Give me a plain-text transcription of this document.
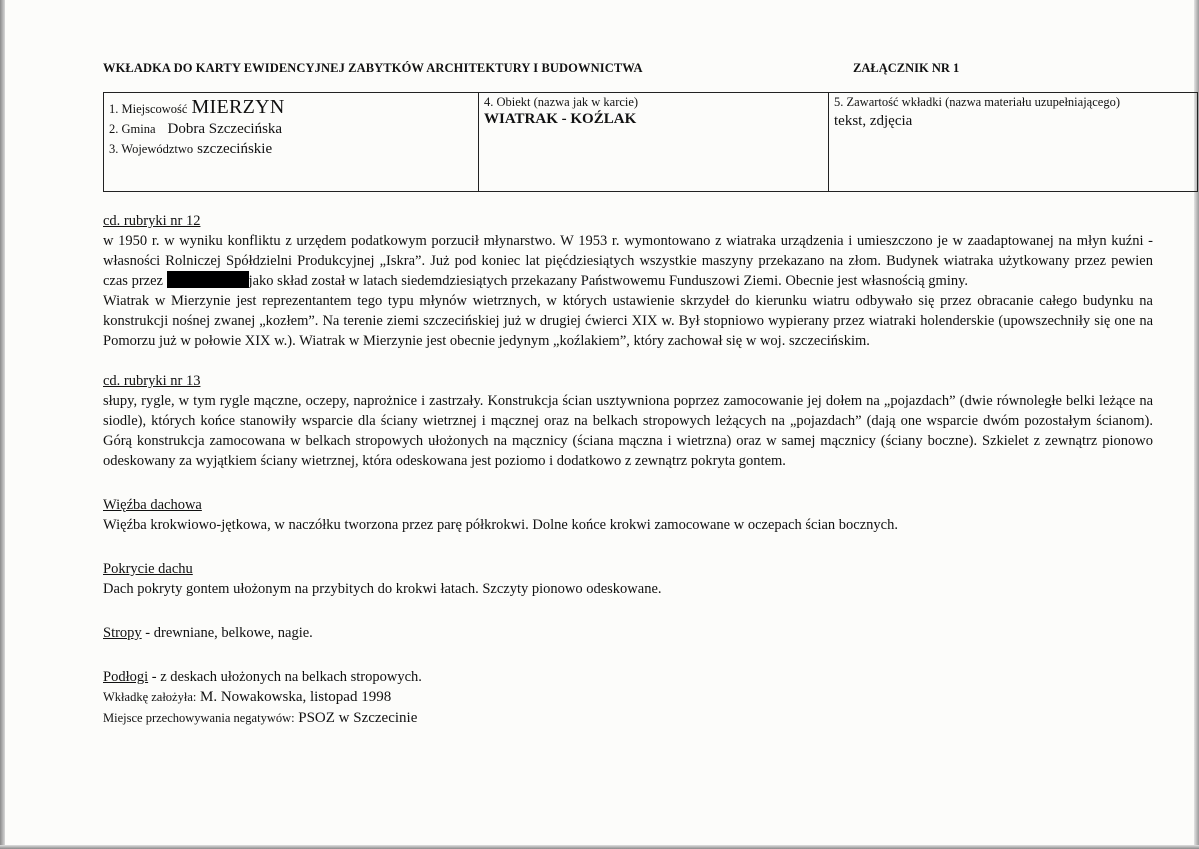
WKŁADKA DO KARTY EWIDENCYJNEJ ZABYTKÓW ARCHITEKTURY I BUDOWNICTWA	ZAŁĄCZNIK NR 1
1. Miejscowość MIERZYN
2. Gmina Dobra Szczecińska
3. Województwo szczecińskie
4. Obiekt (nazwa jak w karcie)
WIATRAK - KOŹLAK
5. Zawartość wkładki (nazwa materiału uzupełniającego)
tekst, zdjęcia
cd. rubryki nr 12

w 1950 r. w wyniku konfliktu z urzędem podatkowym porzucił młynarstwo. W 1953 r. wymontowano z wiatraka urządzenia i umieszczono je w zaadaptowanej na młyn kuźni - własności Rolniczej Spółdzielni Produkcyjnej „Iskra”. Już pod koniec lat pięćdziesiątych wszystkie maszyny przekazano na złom. Budynek wiatraka użytkowany przez pewien czas przez	jako skład został w latach siedemdziesiątych przekazany Państwowemu Funduszowi Ziemi. Obecnie jest własnością gminy.

Wiatrak w Mierzynie jest reprezentantem tego typu młynów wietrznych, w których ustawienie skrzydeł do kierunku wiatru odbywało się przez obracanie całego budynku na konstrukcji nośnej zwanej „kozłem”. Na terenie ziemi szczecińskiej już w drugiej ćwierci XIX w. Był stopniowo wypierany przez wiatraki holenderskie (upowszechniły się one na Pomorzu już w połowie XIX w.). Wiatrak w Mierzynie jest obecnie jedynym „koźlakiem”, który zachował się w woj. szczecińskim.

cd. rubryki nr 13

słupy, rygle, w tym rygle mączne, oczepy, naprożnice i zastrzały. Konstrukcja ścian usztywniona poprzez zamocowanie jej dołem na „pojazdach” (dwie równoległe belki leżące na siodle), których końce stanowiły wsparcie dla ściany wietrznej i mącznej oraz na belkach stropowych leżących na „pojazdach” (dają one wsparcie dwóm pozostałym ścianom). Górą konstrukcja zamocowana w belkach stropowych ułożonych na mącznicy (ściana mączna i wietrzna) oraz w samej mącznicy (ściany boczne). Szkielet z zewnątrz pionowo odeskowany za wyjątkiem ściany wietrznej, która odeskowana jest poziomo i dodatkowo z zewnątrz pokryta gontem.

Więźba dachowa

Więźba krokwiowo-jętkowa, w naczółku tworzona przez parę półkrokwi. Dolne końce krokwi zamocowane w oczepach ścian bocznych.

Pokrycie dachu

Dach pokryty gontem ułożonym na przybitych do krokwi łatach. Szczyty pionowo odeskowane.

Stropy - drewniane, belkowe, nagie.

Podłogi - z deskach ułożonych na belkach stropowych.

Wkładkę założyła: M. Nowakowska, listopad 1998
Miejsce przechowywania negatywów: PSOZ w Szczecinie
